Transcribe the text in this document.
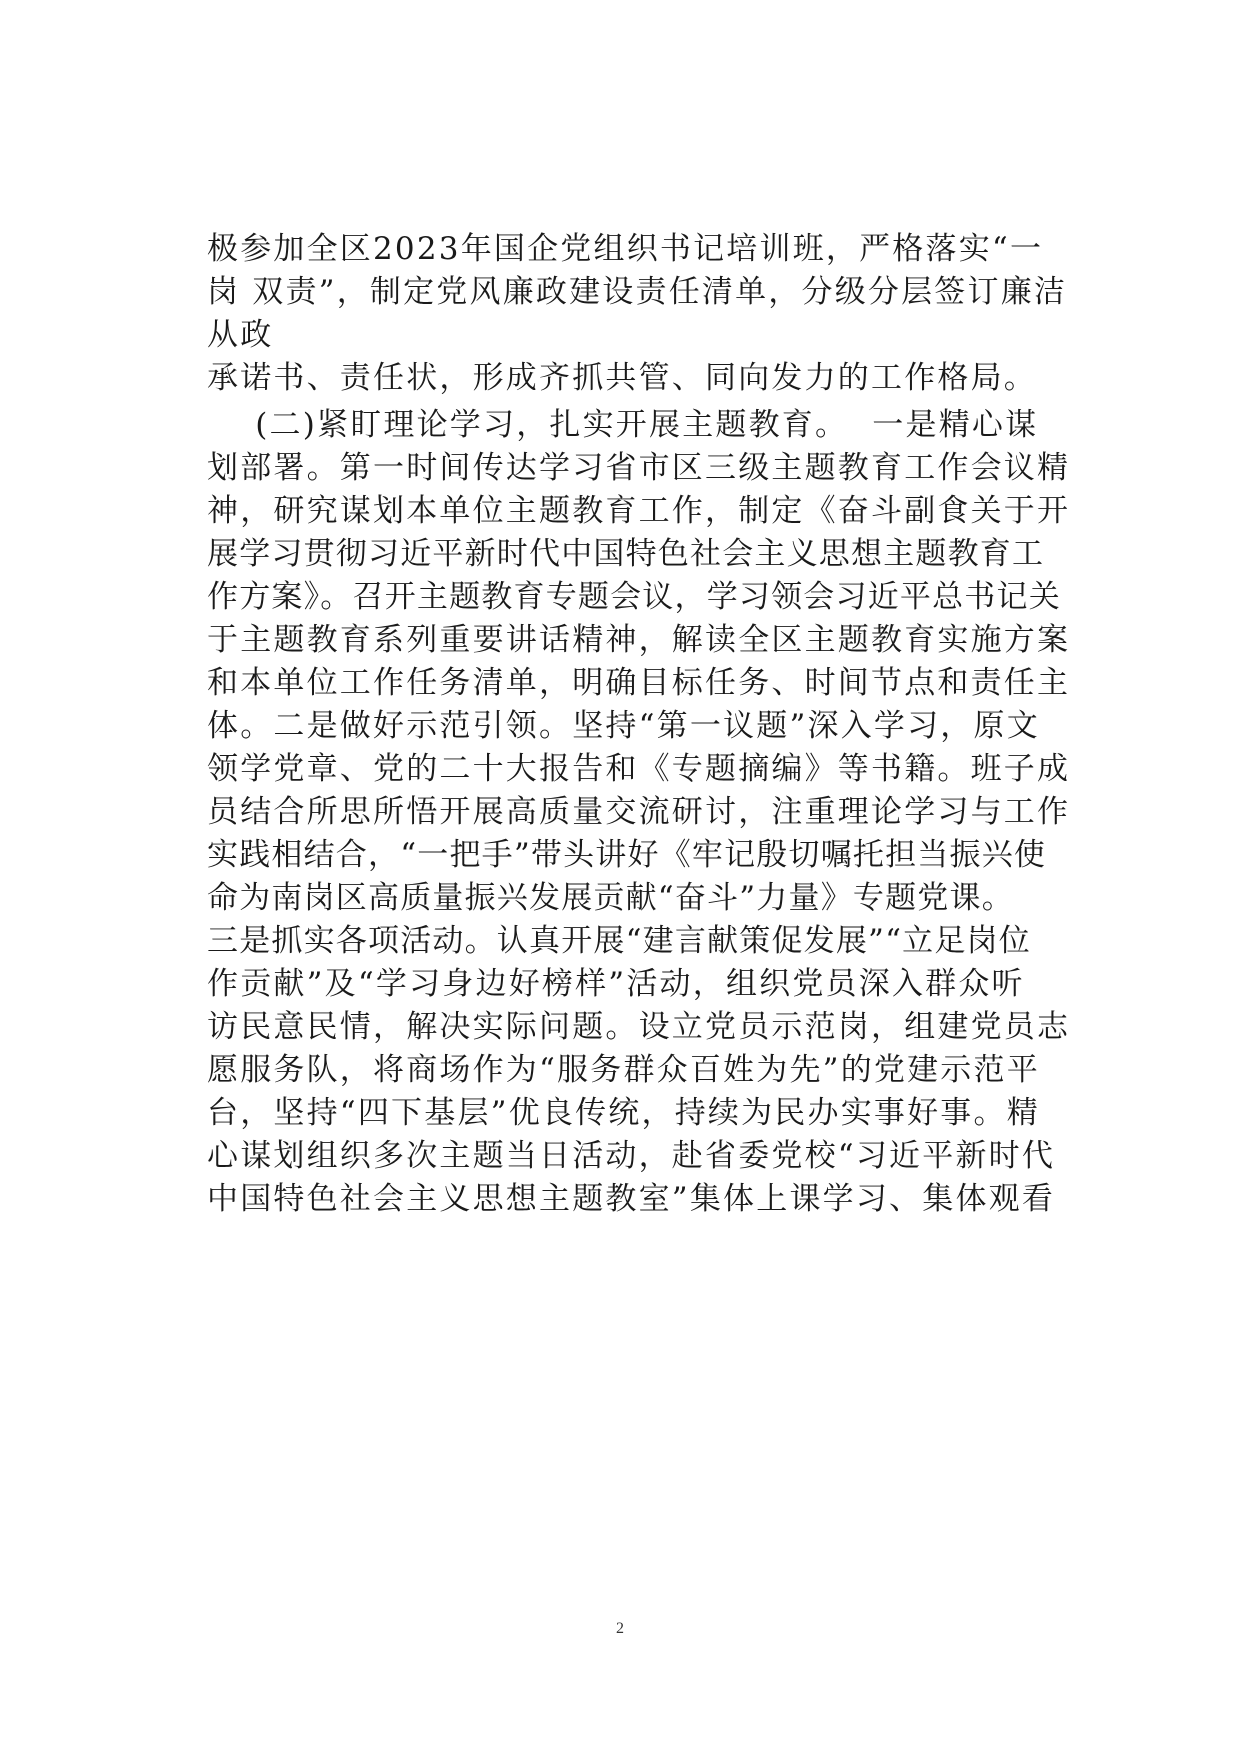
极参加全区2023年国企党组织书记培训班，严格落实“一
岗 双责”，制定党风廉政建设责任清单，分级分层签订廉洁
从政
承诺书、责任状，形成齐抓共管、同向发力的工作格局。
(二)紧盯理论学习，扎实开展主题教育。  一是精心谋
划部署。第一时间传达学习省市区三级主题教育工作会议精
神，研究谋划本单位主题教育工作，制定《奋斗副食关于开
展学习贯彻习近平新时代中国特色社会主义思想主题教育工
作方案》。召开主题教育专题会议，学习领会习近平总书记关
于主题教育系列重要讲话精神，解读全区主题教育实施方案
和本单位工作任务清单，明确目标任务、时间节点和责任主
体。二是做好示范引领。坚持“第一议题”深入学习，原文
领学党章、党的二十大报告和《专题摘编》等书籍。班子成
员结合所思所悟开展高质量交流研讨，注重理论学习与工作
实践相结合，“一把手”带头讲好《牢记殷切嘱托担当振兴使
命为南岗区高质量振兴发展贡献“奋斗”力量》专题党课。
三是抓实各项活动。认真开展“建言献策促发展”“立足岗位
作贡献”及“学习身边好榜样”活动，组织党员深入群众听
访民意民情，解决实际问题。设立党员示范岗，组建党员志
愿服务队，将商场作为“服务群众百姓为先”的党建示范平
台，坚持“四下基层”优良传统，持续为民办实事好事。精
心谋划组织多次主题当日活动，赴省委党校“习近平新时代
中国特色社会主义思想主题教室”集体上课学习、集体观看
2
